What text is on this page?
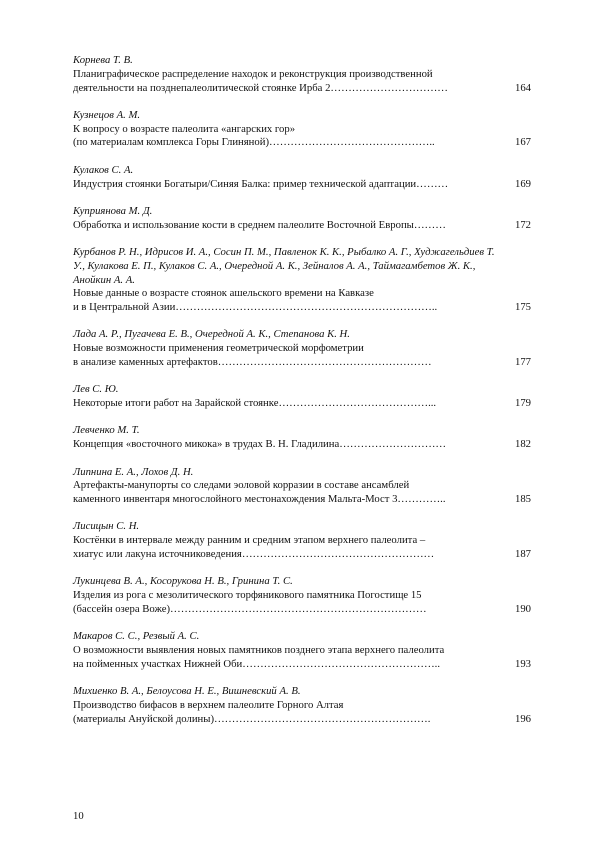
Корнева Т. В.
Планиграфическое распределение находок и реконструкция производственной
деятельности на позднепалеолитической стоянке Ирба 2……………………………	164
Кузнецов А. М.
К вопросу о возрасте палеолита «ангарских гор»
(по материалам комплекса Горы Глиняной)………………………………………..	167
Кулаков С. А.
Индустрия стоянки Богатыри/Синяя Балка: пример технической адаптации………	169
Куприянова М. Д.
Обработка и использование кости в среднем палеолите Восточной Европы………	172
Курбанов Р. Н., Идрисов И. А., Сосин П. М., Павленок К. К., Рыбалко А. Г., Худжагельдиев Т. У., Кулакова Е. П., Кулаков С. А., Очередной А. К., Зейналов А. А., Таймагамбетов Ж. К., Анойкин А. А.
Новые данные о возрасте стоянок ашельского времени на Кавказе
и в Центральной Азии………………………………………………………………..	175
Лада А. Р., Пугачева Е. В., Очередной А. К., Степанова К. Н.
Новые возможности применения геометрической морфометрии
в анализе каменных артефактов……………………………………………………	177
Лев С. Ю.
Некоторые итоги работ на Зарайской стоянке……………………………………...	179
Левченко М. Т.
Концепция «восточного микока» в трудах В. Н. Гладилина…………………………	182
Липнина Е. А., Лохов Д. Н.
Артефакты-манупорты со следами эоловой корразии в составе ансамблей
каменного инвентаря многослойного местонахождения Мальта-Мост 3…………..	185
Лисицын С. Н.
Костёнки в интервале между ранним и средним этапом верхнего палеолита –
хиатус или лакуна источниковедения………………………………………………	187
Лукинцева В. А., Косорукова Н. В., Гринина Т. С.
Изделия из рога с мезолитического торфяникового памятника Погостище 15
(бассейн озера Воже)………………………………………………………………	190
Макаров С. С., Резвый А. С.
О возможности выявления новых памятников позднего этапа верхнего палеолита
на пойменных участках Нижней Оби………………………………………………..	193
Михиенко В. А., Белоусова Н. Е., Вишневский А. В.
Производство бифасов в верхнем палеолите Горного Алтая
(материалы Ануйской долины)…………………………………………………….	196
10
